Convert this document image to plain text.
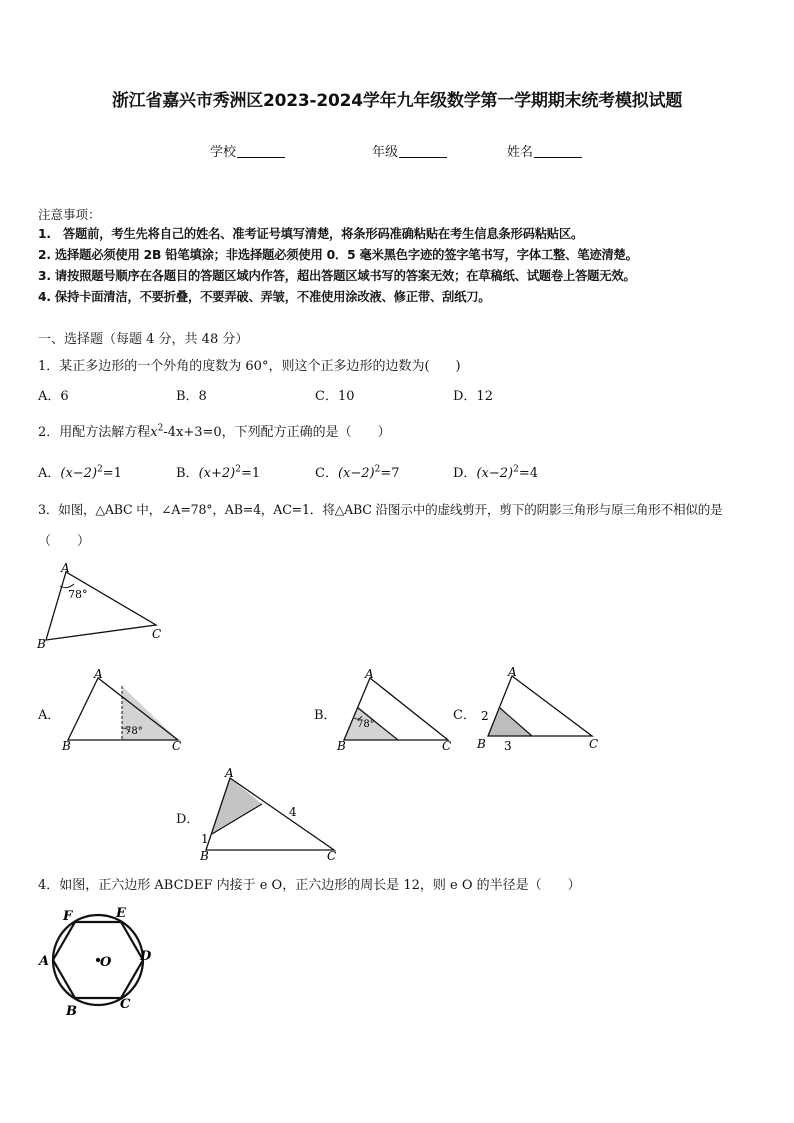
浙江省嘉兴市秀洲区2023-2024学年九年级数学第一学期期末统考模拟试题
学校	年级	姓名
注意事项：
1.　答题前，考生先将自己的姓名、准考证号填写清楚，将条形码准确粘贴在考生信息条形码粘贴区。
2. 选择题必须使用 2B 铅笔填涂；非选择题必须使用 0．5 毫米黑色字迹的签字笔书写，字体工整、笔迹清楚。
3. 请按照题号顺序在各题目的答题区域内作答，超出答题区域书写的答案无效；在草稿纸、试题卷上答题无效。
4. 保持卡面清洁，不要折叠，不要弄破、弄皱，不准使用涂改液、修正带、刮纸刀。
一、选择题（每题 4 分，共 48 分）
1．某正多边形的一个外角的度数为 60°，则这个正多边形的边数为(　　)
A．6	B．8	C．10	D．12
2．用配方法解方程$x^2-4x+3=0$，下列配方正确的是（　　）
A．$(x-2)^2=1$	B．$(x+2)^2=1$	C．$(x-2)^2=7$	D．$(x-2)^2=4$
3．如图，△ABC 中，∠A=78°，AB=4，AC=1．将△ABC 沿图示中的虚线剪开，剪下的阴影三角形与原三角形不相似的是
（　　）
A
B
C
78°
A．
A
B	C
78°
B．
A
B	C
78°
C．
A
B	C
2
3
D．
A
B	C
1
4
4．如图，正六边形 ABCDEF 内接于 e O，正六边形的周长是 12，则 e O 的半径是（　　）
A
B	C
D
E
F
O
